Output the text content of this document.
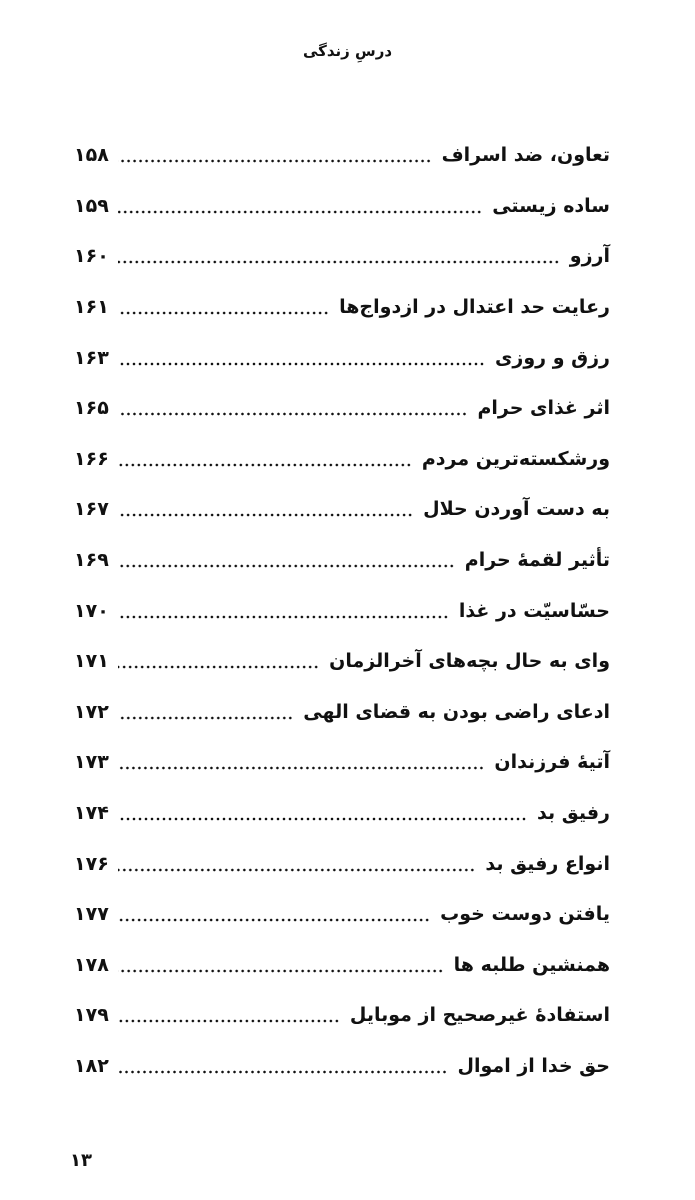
درسِ زندگی
تعاون، ضد اسراف
۱۵۸
ساده زیستی
۱۵۹
آرزو
۱۶۰
رعایت حد اعتدال در ازدواج‌ها
۱۶۱
رزق و روزی
۱۶۳
اثر غذای حرام
۱۶۵
ورشکسته‌ترین مردم
۱۶۶
به دست آوردن حلال
۱۶۷
تأثیر لقمهٔ حرام
۱۶۹
حسّاسیّت در غذا
۱۷۰
وای به حال بچه‌های آخرالزمان
۱۷۱
ادعای راضی بودن به قضای الهی
۱۷۲
آتیهٔ فرزندان
۱۷۳
رفیق بد
۱۷۴
انواع رفیق بد
۱۷۶
یافتن دوست خوب
۱۷۷
همنشین طلبه ها
۱۷۸
استفادهٔ غیرصحیح از موبایل
۱۷۹
حق خدا از اموال
۱۸۲
۱۳
